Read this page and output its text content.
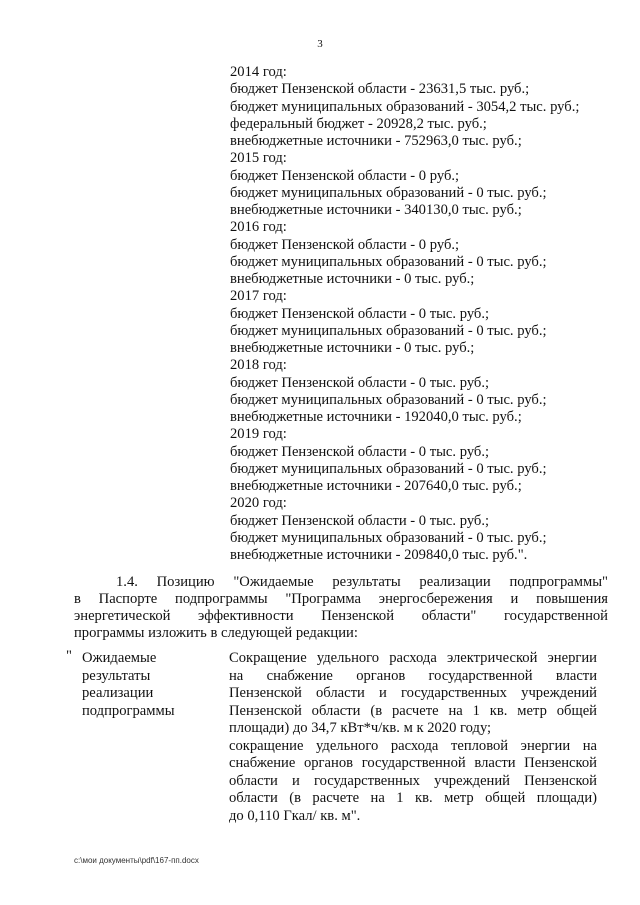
3
2014 год:
бюджет Пензенской области - 23631,5 тыс. руб.;
бюджет муниципальных образований - 3054,2 тыс. руб.;
федеральный бюджет - 20928,2 тыс. руб.;
внебюджетные источники - 752963,0 тыс. руб.;
2015 год:
бюджет Пензенской области - 0 руб.;
бюджет муниципальных образований - 0 тыс. руб.;
внебюджетные источники - 340130,0 тыс. руб.;
2016 год:
бюджет Пензенской области - 0 руб.;
бюджет муниципальных образований - 0 тыс. руб.;
внебюджетные источники - 0 тыс. руб.;
2017 год:
бюджет Пензенской области - 0 тыс. руб.;
бюджет муниципальных образований - 0 тыс. руб.;
внебюджетные источники - 0 тыс. руб.;
2018 год:
бюджет Пензенской области - 0 тыс. руб.;
бюджет муниципальных образований - 0 тыс. руб.;
внебюджетные источники - 192040,0 тыс. руб.;
2019 год:
бюджет Пензенской области - 0 тыс. руб.;
бюджет муниципальных образований - 0 тыс. руб.;
внебюджетные источники - 207640,0 тыс. руб.;
2020 год:
бюджет Пензенской области - 0 тыс. руб.;
бюджет муниципальных образований - 0 тыс. руб.;
внебюджетные источники - 209840,0 тыс. руб.".
1.4. Позицию "Ожидаемые результаты реализации подпрограммы"
в Паспорте подпрограммы "Программа энергосбережения и повышения
энергетической эффективности Пензенской области" государственной
программы изложить в следующей редакции:
" Ожидаемые
результаты
реализации
подпрограммы
Сокращение удельного расхода электрической энергии
на снабжение органов государственной власти
Пензенской области и государственных учреждений
Пензенской области (в расчете на 1 кв. метр общей
площади) до 34,7 кВт*ч/кв. м к 2020 году;
сокращение удельного расхода тепловой энергии на
снабжение органов государственной власти Пензенской
области и государственных учреждений Пензенской
области (в расчете на 1 кв. метр общей площади)
до 0,110 Гкал/ кв. м".
c:\мои документы\pdf\167-пп.docx
